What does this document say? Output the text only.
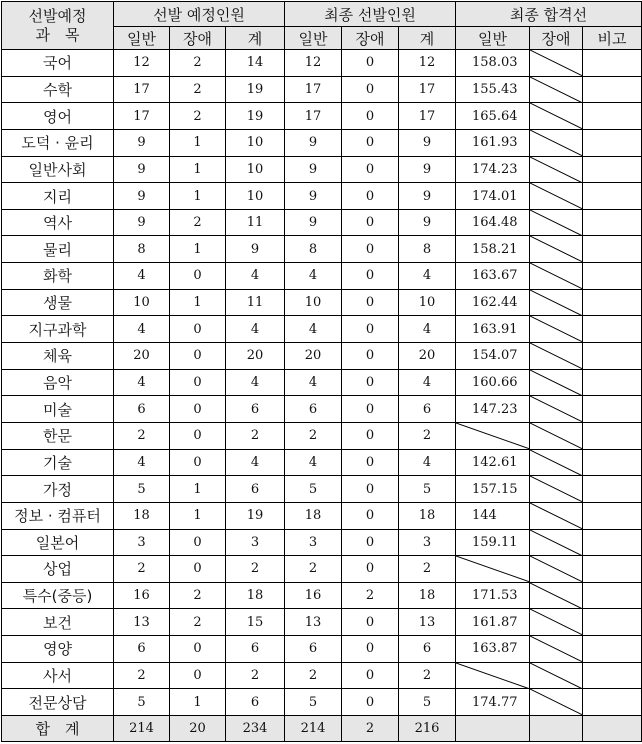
선발예정
과　목	선발 예정인원			최종 선발인원			최종 합격선		
	일반	장애	계	일반	장애	계	일반	장애	비고
국어	12	2	14	12	0	12	158.03	

수학	17	2	19	17	0	17	155.43	

영어	17	2	19	17	0	17	165.64	

도덕 · 윤리	9	1	10	9	0	9	161.93	

일반사회	9	1	10	9	0	9	174.23	

지리	9	1	10	9	0	9	174.01	

역사	9	2	11	9	0	9	164.48	

물리	8	1	9	8	0	8	158.21	

화학	4	0	4	4	0	4	163.67	

생물	10	1	11	10	0	10	162.44	

지구과학	4	0	4	4	0	4	163.91	

체육	20	0	20	20	0	20	154.07	

음악	4	0	4	4	0	4	160.66	

미술	6	0	6	6	0	6	147.23	

한문	2	0	2	2	0	2	

기술	4	0	4	4	0	4	142.61	

가정	5	1	6	5	0	5	157.15	

정보 · 컴퓨터	18	1	19	18	0	18	144	

일본어	3	0	3	3	0	3	159.11	

상업	2	0	2	2	0	2	

특수(중등)	16	2	18	16	2	18	171.53	

보건	13	2	15	13	0	13	161.87	

영양	6	0	6	6	0	6	163.87	

사서	2	0	2	2	0	2	

전문상담	5	1	6	5	0	5	174.77	

합　계	214	20	234	214	2	216			
